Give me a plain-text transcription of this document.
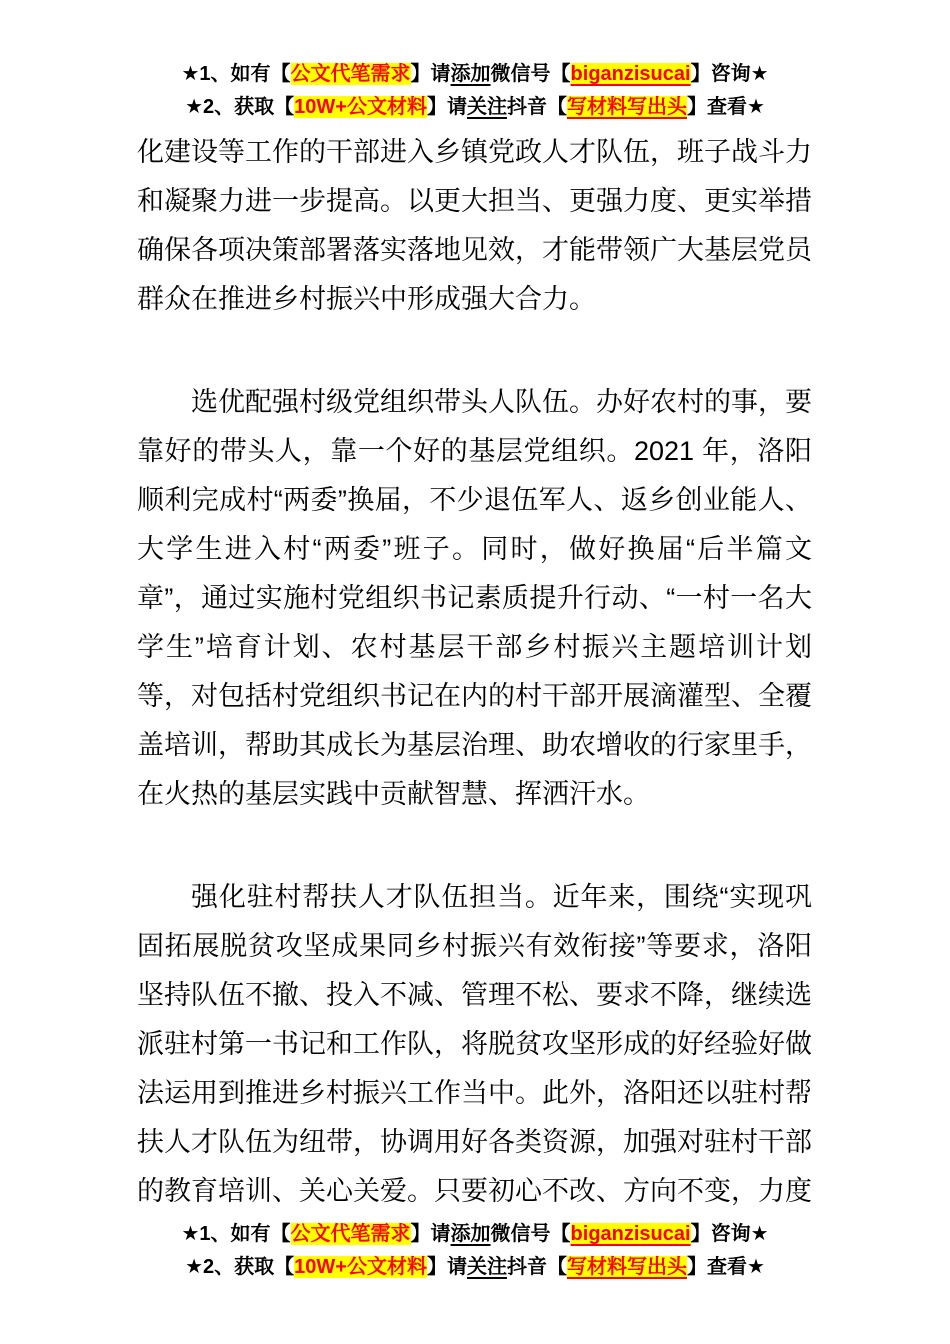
★1、如有【公文代笔需求】请添加微信号【biganzisucai】咨询★
★2、获取【10W+公文材料】请关注抖音【写材料写出头】查看★

化建设等工作的干部进入乡镇党政人才队伍，班子战斗力和凝聚力进一步提高。以更大担当、更强力度、更实举措确保各项决策部署落实落地见效，才能带领广大基层党员群众在推进乡村振兴中形成强大合力。

选优配强村级党组织带头人队伍。办好农村的事，要靠好的带头人，靠一个好的基层党组织。2021 年，洛阳顺利完成村“两委”换届，不少退伍军人、返乡创业能人、大学生进入村“两委”班子。同时，做好换届“后半篇文章”，通过实施村党组织书记素质提升行动、“一村一名大学生”培育计划、农村基层干部乡村振兴主题培训计划等，对包括村党组织书记在内的村干部开展滴灌型、全覆盖培训，帮助其成长为基层治理、助农增收的行家里手，在火热的基层实践中贡献智慧、挥洒汗水。

强化驻村帮扶人才队伍担当。近年来，围绕“实现巩固拓展脱贫攻坚成果同乡村振兴有效衔接”等要求，洛阳坚持队伍不撤、投入不减、管理不松、要求不降，继续选派驻村第一书记和工作队，将脱贫攻坚形成的好经验好做法运用到推进乡村振兴工作当中。此外，洛阳还以驻村帮扶人才队伍为纽带，协调用好各类资源，加强对驻村干部的教育培训、关心关爱。只要初心不改、方向不变，力度

★1、如有【公文代笔需求】请添加微信号【biganzisucai】咨询★
★2、获取【10W+公文材料】请关注抖音【写材料写出头】查看★
